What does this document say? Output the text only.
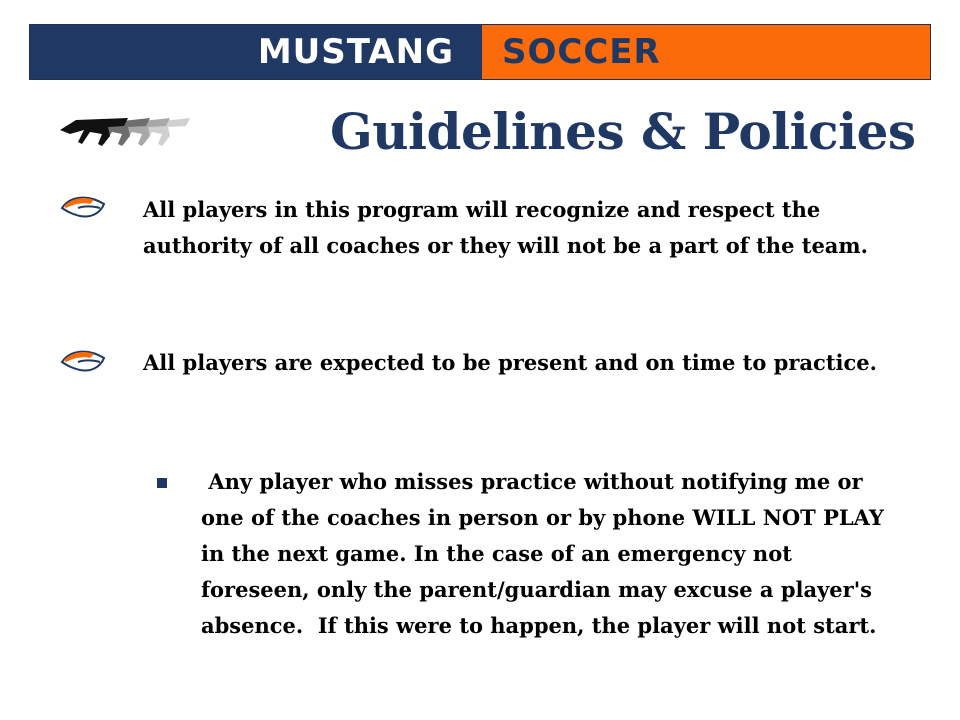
MUSTANG SOCCER
Guidelines & Policies
All players in this program will recognize and respect the authority of all coaches or they will not be a part of the team.
All players are expected to be present and on time to practice.
Any player who misses practice without notifying me or one of the coaches in person or by phone WILL NOT PLAY in the next game. In the case of an emergency not foreseen, only the parent/guardian may excuse a player's absence.  If this were to happen, the player will not start.
